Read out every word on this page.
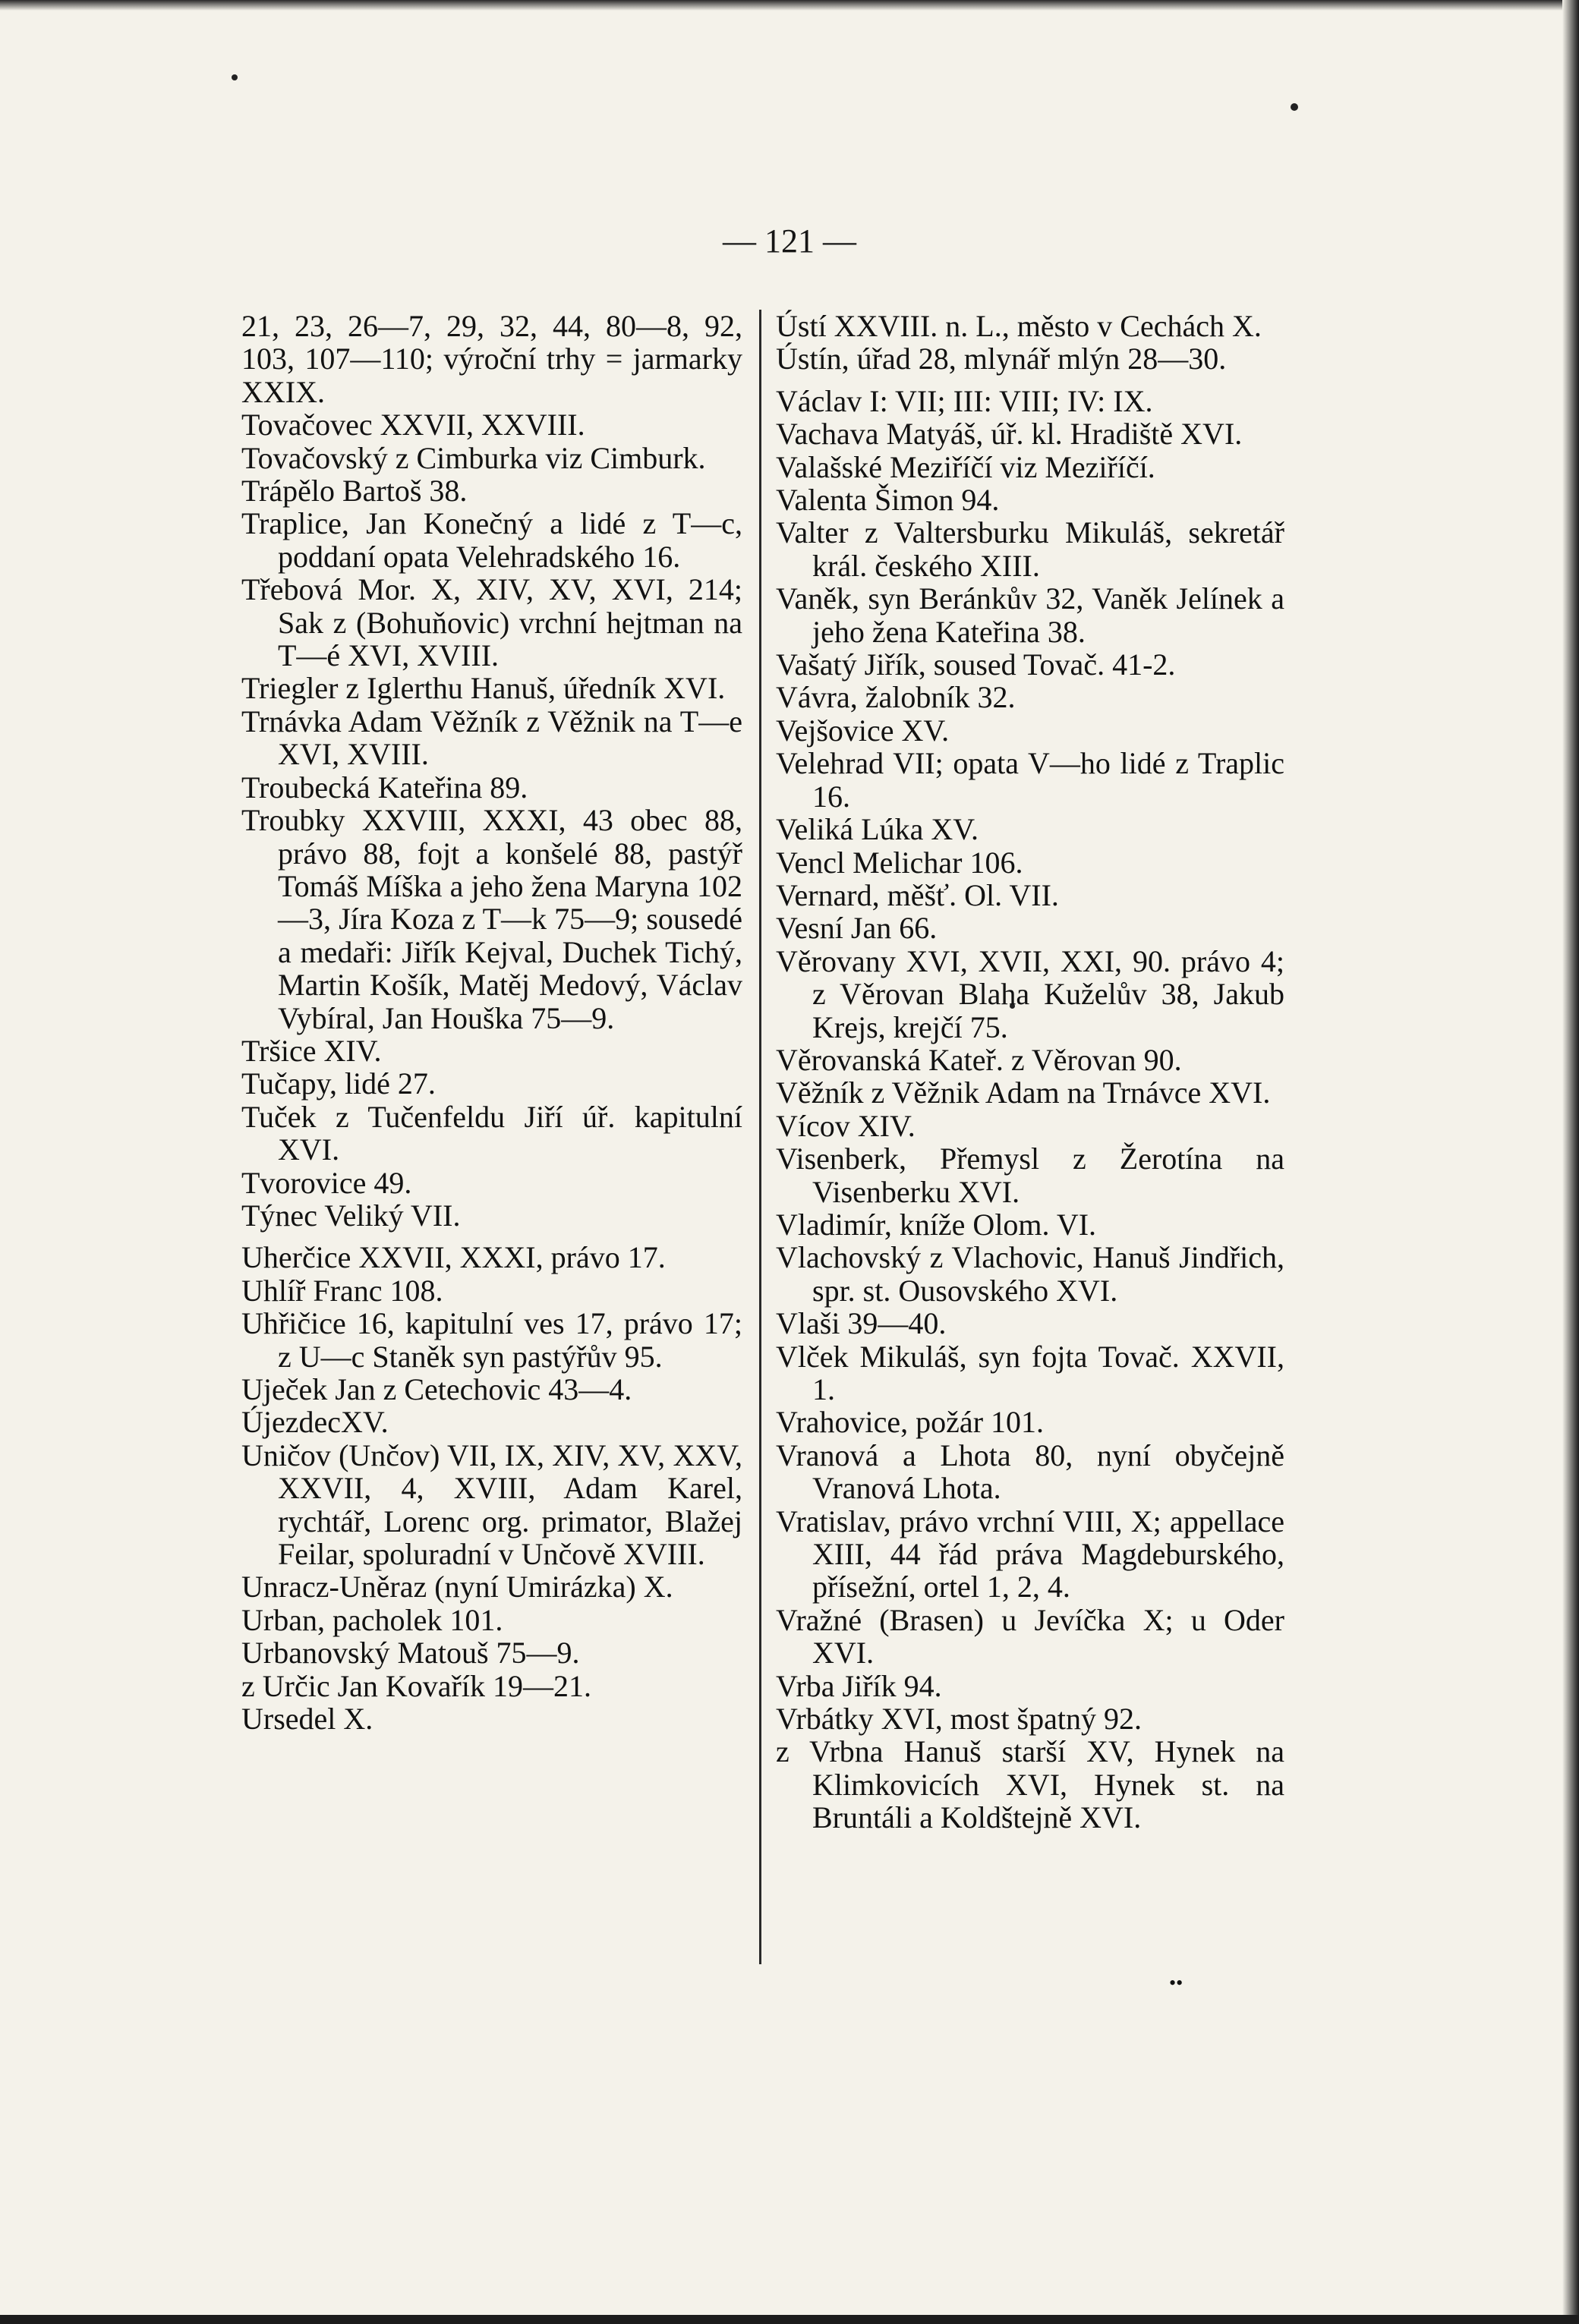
— 121 —
21, 23, 26—7, 29, 32, 44, 80—8, 92, 103, 107—110; výroční trhy = jarmarky XXIX.
Tovačovec XXVII, XXVIII.
Tovačovský z Cimburka viz Cimburk.
Trápělo Bartoš 38.
Traplice, Jan Konečný a lidé z T—c, poddaní opata Velehradského 16.
Třebová Mor. X, XIV, XV, XVI, 214; Sak z (Bohuňovic) vrchní hejtman na T—é XVI, XVIII.
Triegler z Iglerthu Hanuš, úředník XVI.
Trnávka Adam Věžník z Věžnik na T—e XVI, XVIII.
Troubecká Kateřina 89.
Troubky XXVIII, XXXI, 43 obec 88, právo 88, fojt a konšelé 88, pastýř Tomáš Míška a jeho žena Maryna 102—3, Jíra Koza z T—k 75—9; sousedé a medaři: Jiřík Kejval, Duchek Tichý, Martin Košík, Matěj Medový, Václav Vybíral, Jan Houška 75—9.
Tršice XIV.
Tučapy, lidé 27.
Tuček z Tučenfeldu Jiří úř. kapitulní XVI.
Tvorovice 49.
Týnec Veliký VII.
Uherčice XXVII, XXXI, právo 17.
Uhlíř Franc 108.
Uhřičice 16, kapitulní ves 17, právo 17; z U—c Staněk syn pastýřův 95.
Uječek Jan z Cetechovic 43—4.
ÚjezdecXV.
Uničov (Unčov) VII, IX, XIV, XV, XXV, XXVII, 4, XVIII, Adam Karel, rychtář, Lorenc org. primator, Blažej Feilar, spoluradní v Unčově XVIII.
Unracz-Uněraz (nyní Umirázka) X.
Urban, pacholek 101.
Urbanovský Matouš 75—9.
z Určic Jan Kovařík 19—21.
Ursedel X.
Ústí XXVIII. n. L., město v Cechách X.
Ústín, úřad 28, mlynář mlýn 28—30.
Václav I: VII; III: VIII; IV: IX.
Vachava Matyáš, úř. kl. Hradiště XVI.
Valašské Meziříčí viz Meziříčí.
Valenta Šimon 94.
Valter z Valtersburku Mikuláš, sekretář král. českého XIII.
Vaněk, syn Beránkův 32, Vaněk Jelínek a jeho žena Kateřina 38.
Vašatý Jiřík, soused Tovač. 41-2.
Vávra, žalobník 32.
Vejšovice XV.
Velehrad VII; opata V—ho lidé z Traplic 16.
Veliká Lúka XV.
Vencl Melichar 106.
Vernard, měšť. Ol. VII.
Vesní Jan 66.
Věrovany XVI, XVII, XXI, 90. právo 4; z Věrovan Blaha Kuželův 38, Jakub Krejs, krejčí 75.
Věrovanská Kateř. z Věrovan 90.
Věžník z Věžnik Adam na Trnávce XVI.
Vícov XIV.
Visenberk, Přemysl z Žerotína na Visenberku XVI.
Vladimír, kníže Olom. VI.
Vlachovský z Vlachovic, Hanuš Jindřich, spr. st. Ousovského XVI.
Vlaši 39—40.
Vlček Mikuláš, syn fojta Tovač. XXVII, 1.
Vrahovice, požár 101.
Vranová a Lhota 80, nyní obyčejně Vranová Lhota.
Vratislav, právo vrchní VIII, X; appellace XIII, 44 řád práva Magdeburského, přísežní, ortel 1, 2, 4.
Vražné (Brasen) u Jevíčka X; u Oder XVI.
Vrba Jiřík 94.
Vrbátky XVI, most špatný 92.
z Vrbna Hanuš starší XV, Hynek na Klimkovicích XVI, Hynek st. na Bruntáli a Koldštejně XVI.
••
